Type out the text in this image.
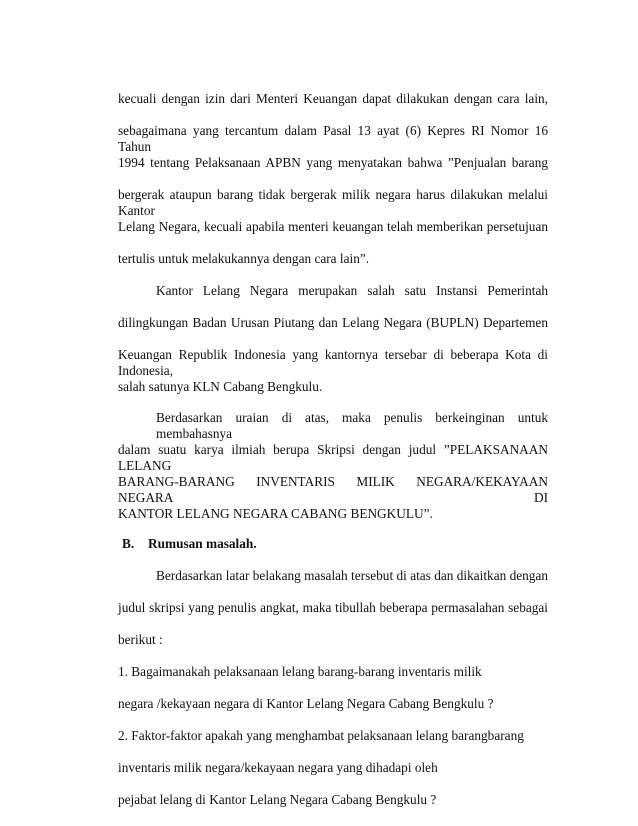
kecuali dengan izin dari Menteri Keuangan dapat dilakukan dengan cara lain,
sebagaimana yang tercantum dalam Pasal 13 ayat (6) Kepres RI Nomor 16 Tahun
1994 tentang Pelaksanaan APBN yang menyatakan bahwa ”Penjualan barang
bergerak ataupun barang tidak bergerak milik negara harus dilakukan melalui Kantor
Lelang Negara, kecuali apabila menteri keuangan telah memberikan persetujuan
tertulis untuk melakukannya dengan cara lain”.
Kantor Lelang Negara merupakan salah satu Instansi Pemerintah
dilingkungan Badan Urusan Piutang dan Lelang Negara (BUPLN) Departemen
Keuangan Republik Indonesia yang kantornya tersebar di beberapa Kota di Indonesia,
salah satunya KLN Cabang Bengkulu.
Berdasarkan uraian di atas, maka penulis berkeinginan untuk membahasnya
dalam suatu karya ilmiah berupa Skripsi dengan judul ”PELAKSANAAN LELANG
BARANG-BARANG INVENTARIS MILIK NEGARA/KEKAYAAN NEGARA DI
KANTOR LELANG NEGARA CABANG BENGKULU”.
B. Rumusan masalah.
Berdasarkan latar belakang masalah tersebut di atas dan dikaitkan dengan
judul skripsi yang penulis angkat, maka tibullah beberapa permasalahan sebagai
berikut :
1. Bagaimanakah pelaksanaan lelang barang-barang inventaris milik
negara /kekayaan negara di Kantor Lelang Negara Cabang Bengkulu ?
2. Faktor-faktor apakah yang menghambat pelaksanaan lelang barangbarang
inventaris milik negara/kekayaan negara yang dihadapi oleh
pejabat lelang di Kantor Lelang Negara Cabang Bengkulu ?
